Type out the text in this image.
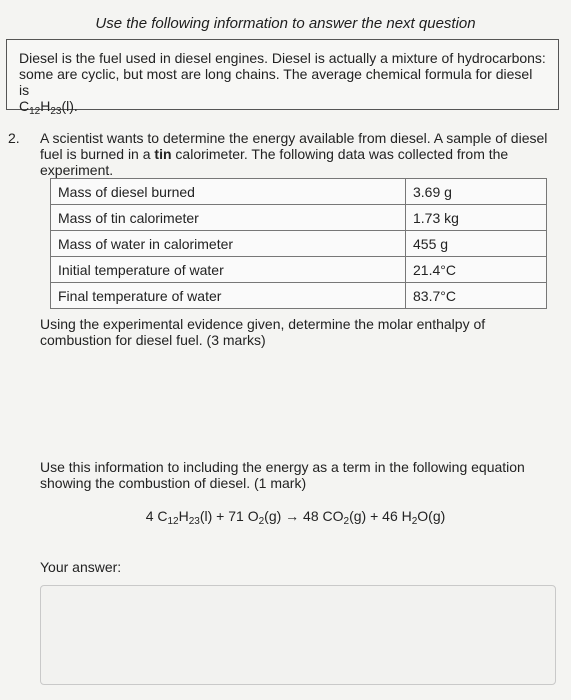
Use the following information to answer the next question
Diesel is the fuel used in diesel engines. Diesel is actually a mixture of hydrocarbons:
some are cyclic, but most are long chains. The average chemical formula for diesel is
$C_{12}H_{23}(l)$.
2. A scientist wants to determine the energy available from diesel. A sample of diesel fuel is burned in a tin calorimeter. The following data was collected from the experiment.
Mass of diesel burned	3.69 g
Mass of tin calorimeter	1.73 kg
Mass of water in calorimeter	455 g
Initial temperature of water	21.4°C
Final temperature of water	83.7°C
Using the experimental evidence given, determine the molar enthalpy of combustion for diesel fuel. (3 marks)
Use this information to including the energy as a term in the following equation showing the combustion of diesel. (1 mark)
4 $C_{12}H_{23}(l) + 71$ $O_2(g) \to 48$ $CO_2(g) + 46$ $H_2O(g)$
Your answer:
